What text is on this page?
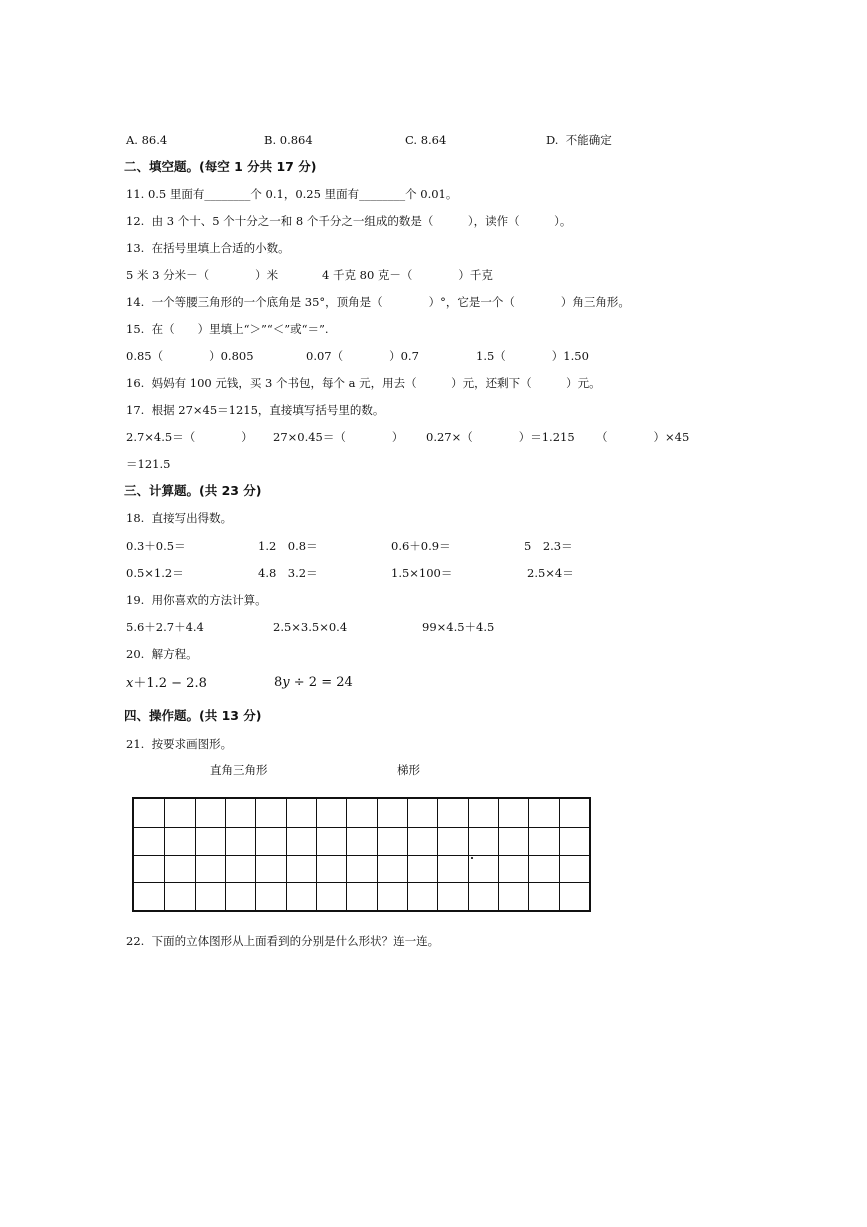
A. 86.4	B. 0.864	C. 8.64	D.  不能确定
二、填空题。(每空 1 分共 17 分)
11. 0.5 里面有________个 0.1，0.25 里面有________个 0.01。
12.  由 3 个十、5 个十分之一和 8 个千分之一组成的数是（　　　），读作（　　　）。
13.  在括号里填上合适的小数。
5 米 3 分米－（　　　　）米	4 千克 80 克－（　　　　）千克
14.  一个等腰三角形的一个底角是 35°，顶角是（　　　　）°，它是一个（　　　　）角三角形。
15.  在（　　）里填上“＞”“＜”或“＝”.
0.85（　　　　）0.805	0.07（　　　　）0.7	1.5（　　　　）1.50
16.  妈妈有 100 元钱，买 3 个书包，每个 a 元，用去（　　　）元，还剩下（　　　）元。
17.  根据 27×45＝1215，直接填写括号里的数。
2.7×4.5＝（　　　　） 27×0.45＝（　　　　） 0.27×（　　　　）＝1.215 （　　　　）×45
＝121.5
三、计算题。(共 23 分)
18.  直接写出得数。
0.3＋0.5＝	1.2　0.8＝	0.6＋0.9＝	5　2.3＝
0.5×1.2＝	4.8　3.2＝	1.5×100＝	2.5×4＝
19.  用你喜欢的方法计算。
5.6＋2.7＋4.4	2.5×3.5×0.4	99×4.5＋4.5
20.  解方程。
x＋1.2 − 2.8	8y ÷ 2 = 24
四、操作题。(共 13 分)
21.  按要求画图形。
直角三角形	梯形
22.  下面的立体图形从上面看到的分别是什么形状？连一连。
